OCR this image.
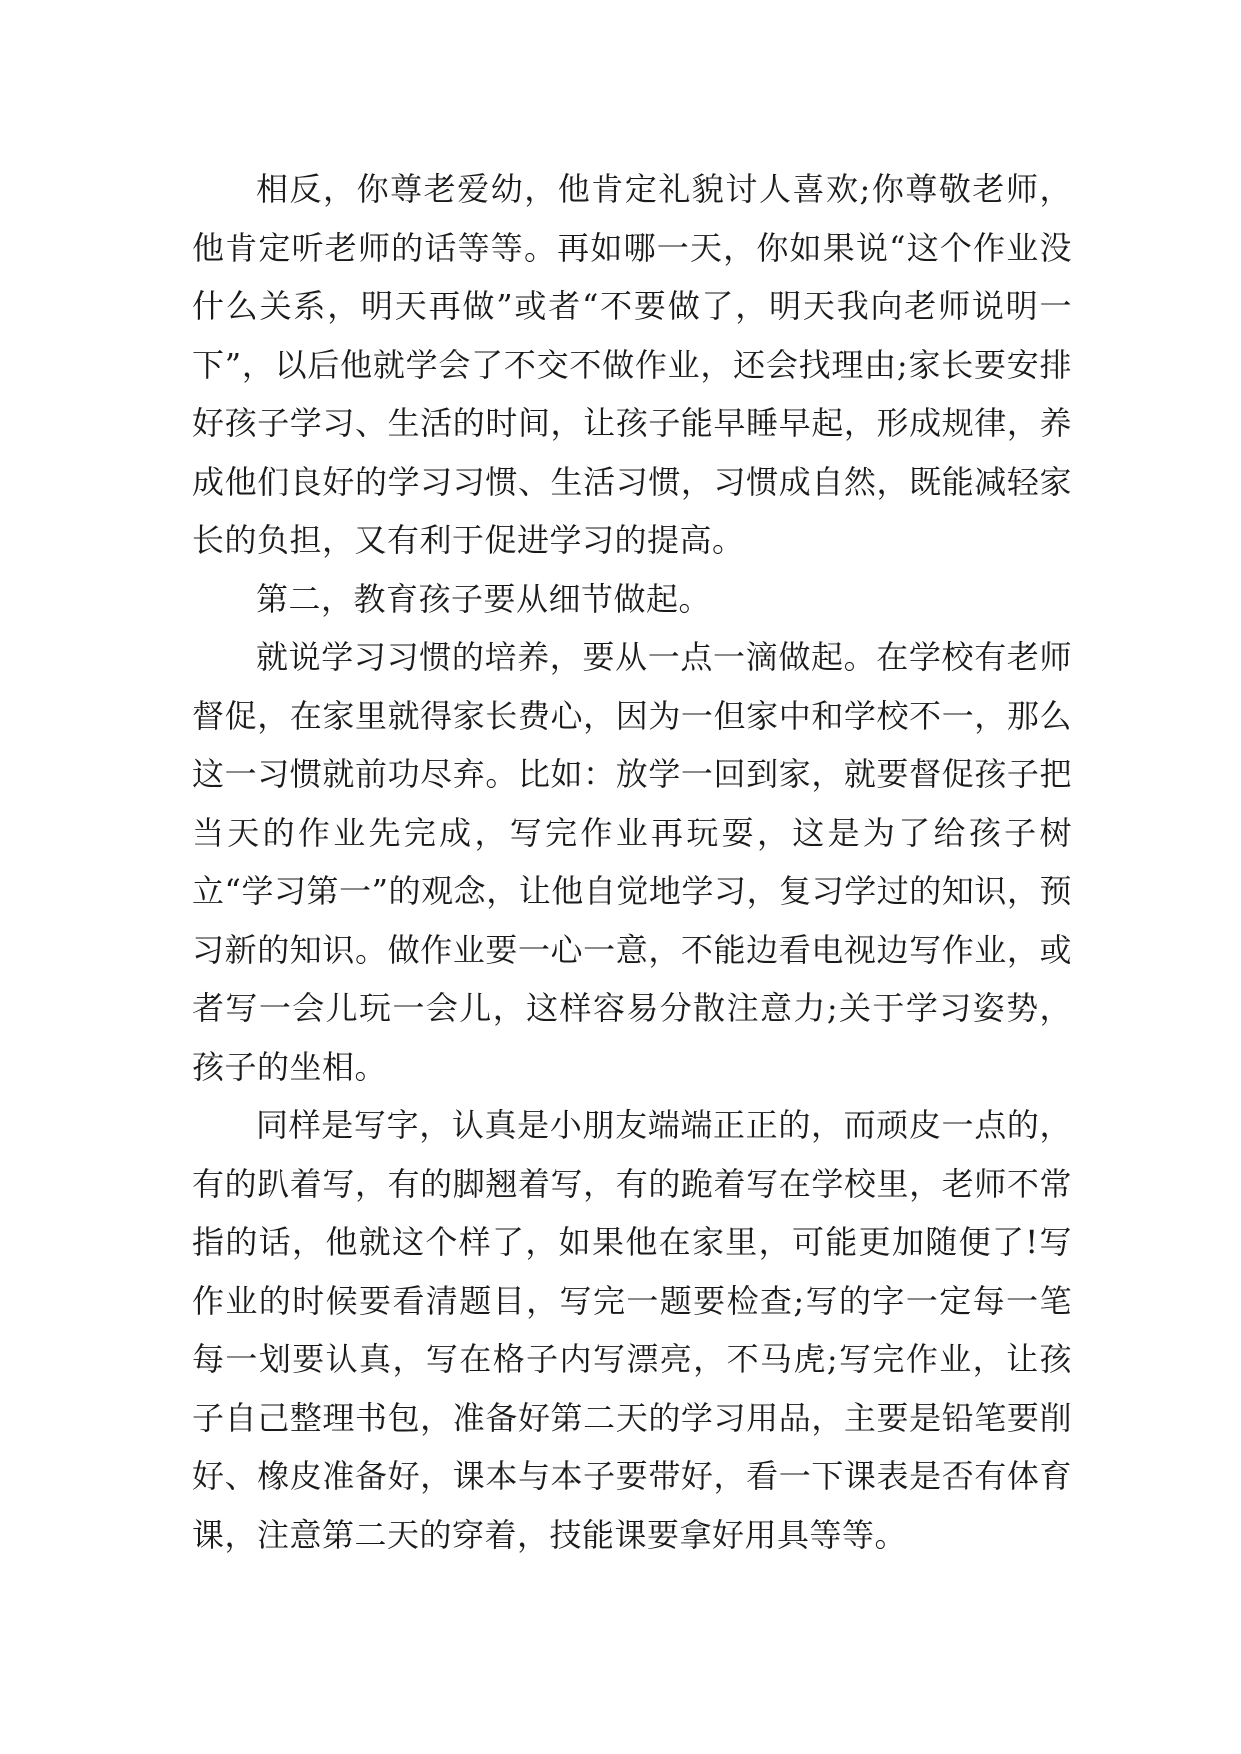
相反，你尊老爱幼，他肯定礼貌讨人喜欢;你尊敬老师，他肯定听老师的话等等。再如哪一天，你如果说“这个作业没什么关系，明天再做”或者“不要做了，明天我向老师说明一下”，以后他就学会了不交不做作业，还会找理由;家长要安排好孩子学习、生活的时间，让孩子能早睡早起，形成规律，养成他们良好的学习习惯、生活习惯，习惯成自然，既能减轻家长的负担，又有利于促进学习的提高。

第二，教育孩子要从细节做起。

就说学习习惯的培养，要从一点一滴做起。在学校有老师督促，在家里就得家长费心，因为一但家中和学校不一，那么这一习惯就前功尽弃。比如：放学一回到家，就要督促孩子把当天的作业先完成，写完作业再玩耍，这是为了给孩子树立“学习第一”的观念，让他自觉地学习，复习学过的知识，预习新的知识。做作业要一心一意，不能边看电视边写作业，或者写一会儿玩一会儿，这样容易分散注意力;关于学习姿势，孩子的坐相。

同样是写字，认真是小朋友端端正正的，而顽皮一点的，有的趴着写，有的脚翘着写，有的跪着写在学校里，老师不常指的话，他就这个样了，如果他在家里，可能更加随便了!写作业的时候要看清题目，写完一题要检查;写的字一定每一笔每一划要认真，写在格子内写漂亮，不马虎;写完作业，让孩子自己整理书包，准备好第二天的学习用品，主要是铅笔要削好、橡皮准备好，课本与本子要带好，看一下课表是否有体育课，注意第二天的穿着，技能课要拿好用具等等。
